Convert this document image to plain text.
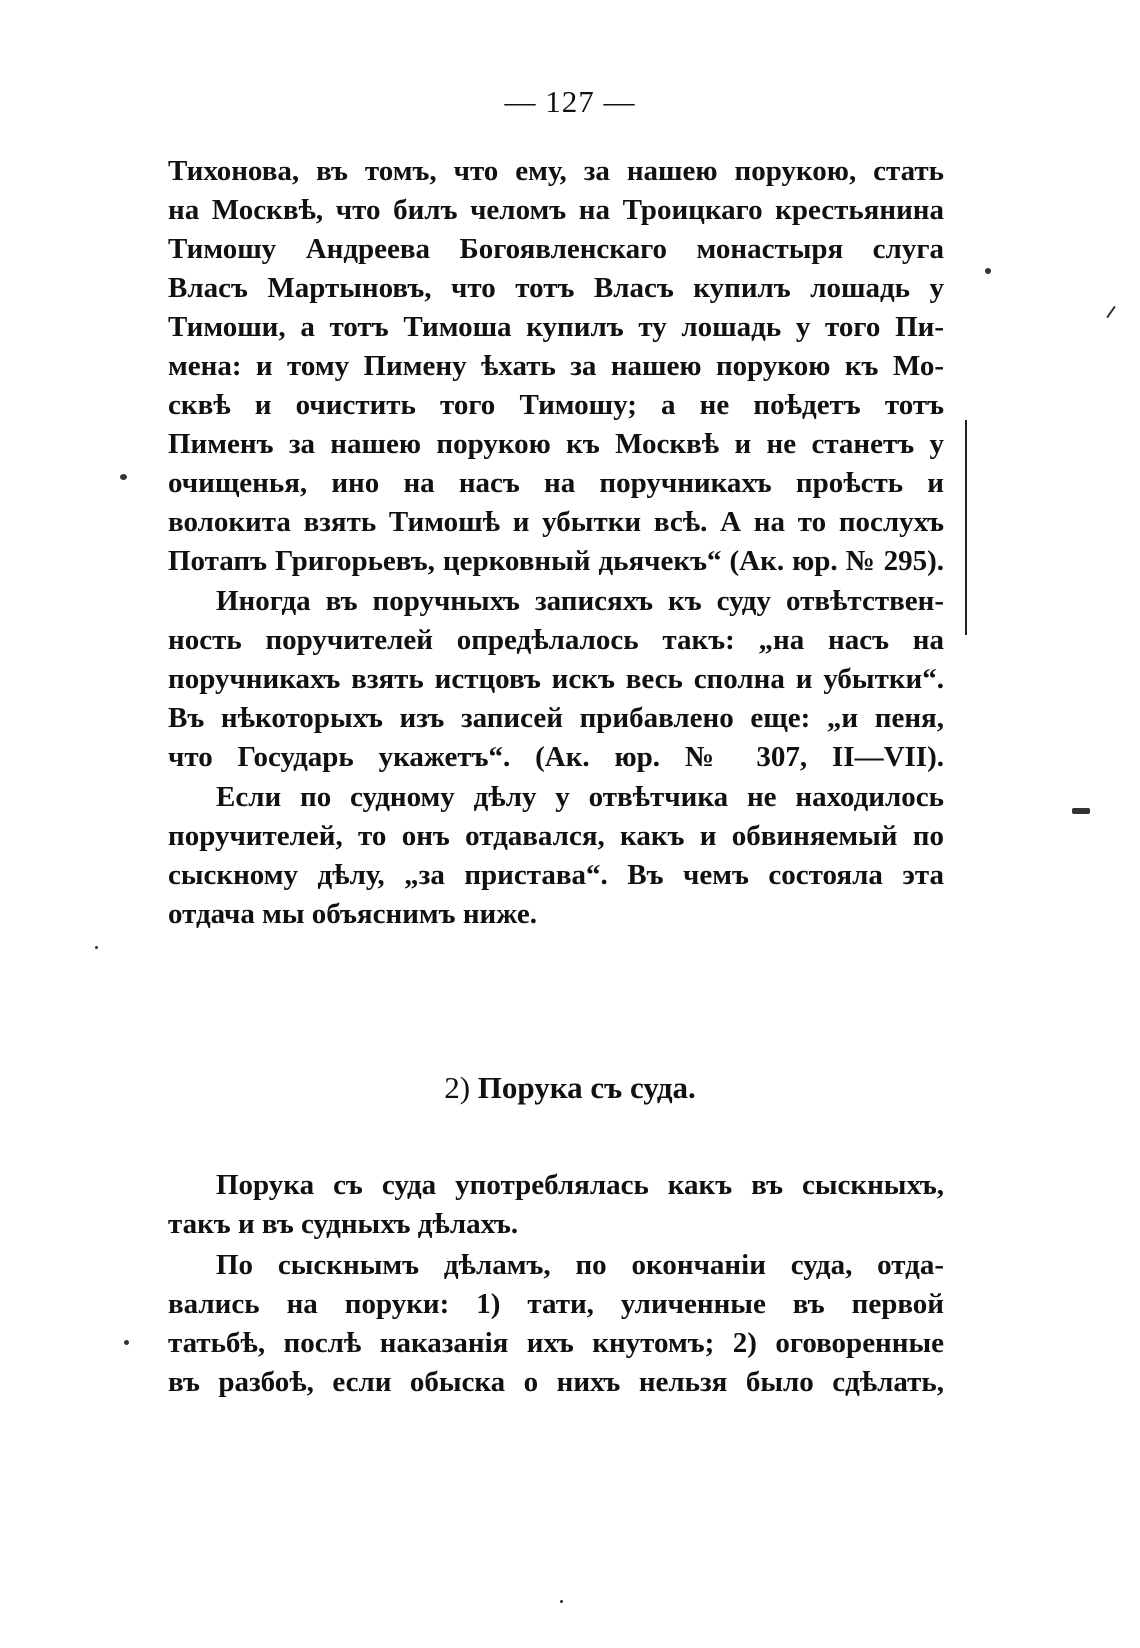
— 127 —
Тихонова, въ томъ, что ему, за нашею порукою, стать
на Москвѣ, что билъ челомъ на Троицкаго крестьянина
Тимошу Андреева Богоявленскаго монастыря слуга
Власъ Мартыновъ, что тотъ Власъ купилъ лошадь у
Тимоши, а тотъ Тимоша купилъ ту лошадь у того Пи-
мена: и тому Пимену ѣхать за нашею порукою къ Мо-
сквѣ и очистить того Тимошу; а не поѣдетъ тотъ
Пименъ за нашею порукою къ Москвѣ и не станетъ у
очищенья, ино на насъ на поручникахъ проѣсть и
волокита взять Тимошѣ и убытки всѣ. А на то послухъ
Потапъ Григорьевъ, церковный дьячекъ“ (Ак. юр. № 295).
Иногда въ поручныхъ записяхъ къ суду отвѣтствен-
ность поручителей опредѣлалось такъ: „на насъ на
поручникахъ взять истцовъ искъ весь сполна и убытки“.
Въ нѣкоторыхъ изъ записей прибавлено еще: „и пеня,
что Государь укажетъ“. (Ак. юр. № 307, II—VII).
Если по судному дѣлу у отвѣтчика не находилось
поручителей, то онъ отдавался, какъ и обвиняемый по
сыскному дѣлу, „за пристава“. Въ чемъ состояла эта
отдача мы объяснимъ ниже.
2) Порука съ суда.
Порука съ суда употреблялась какъ въ сыскныхъ,
такъ и въ судныхъ дѣлахъ.
По сыскнымъ дѣламъ, по окончанiи суда, отда-
вались на поруки: 1) тати, уличенные въ первой
татьбѣ, послѣ наказанiя ихъ кнутомъ; 2) оговоренные
въ разбоѣ, если обыска о нихъ нельзя было сдѣлать,
